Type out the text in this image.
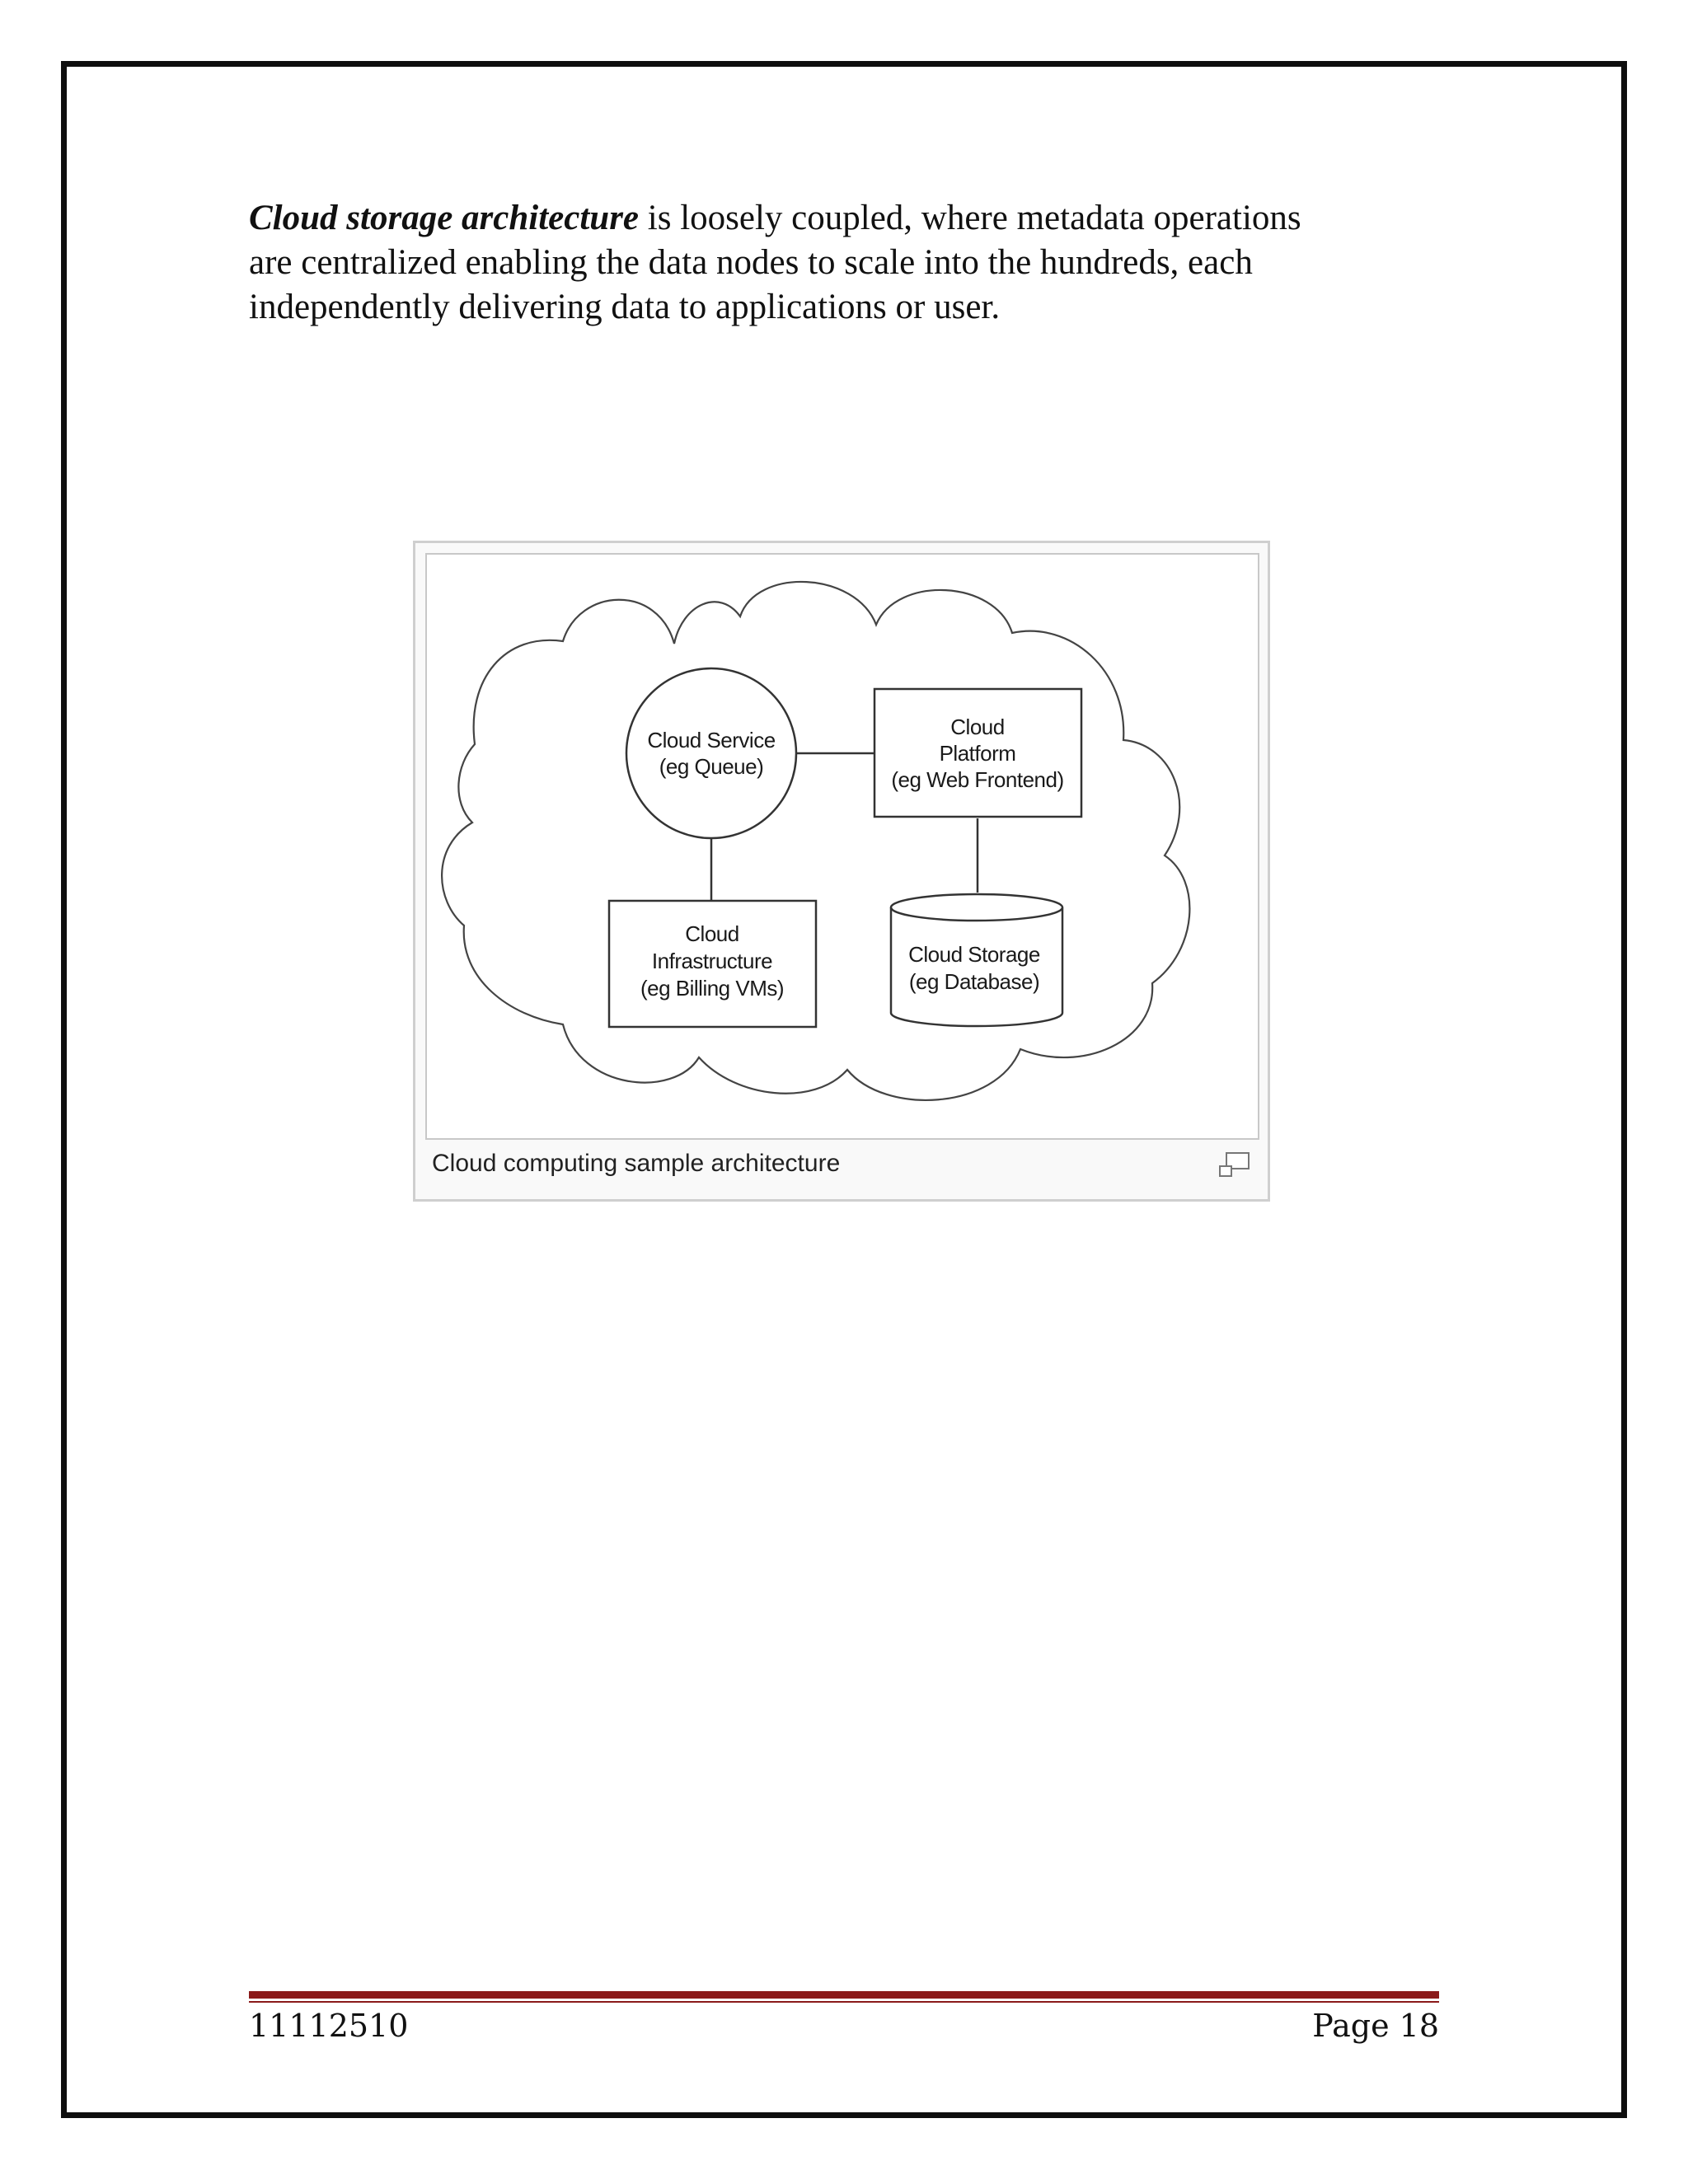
Cloud storage architecture is loosely coupled, where metadata operations
are centralized enabling the data nodes to scale into the hundreds, each
independently delivering data to applications or user.
Cloud Service
(eg Queue)
Cloud
Platform
(eg Web Frontend)
Cloud
Infrastructure
(eg Billing VMs)
Cloud Storage
(eg Database)
Cloud computing sample architecture
11112510	Page 18
